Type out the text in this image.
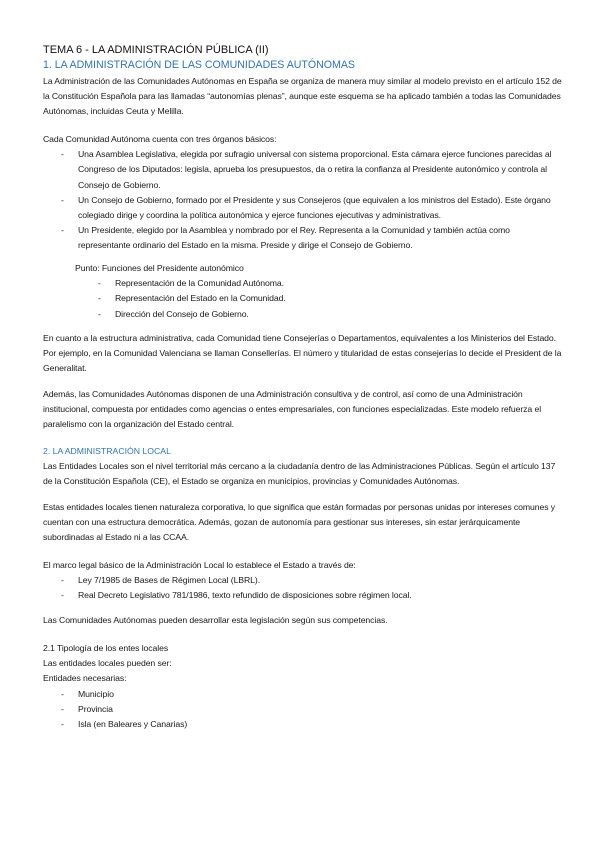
TEMA 6 - LA ADMINISTRACIÓN PÚBLICA (II)
1. LA ADMINISTRACIÓN DE LAS COMUNIDADES AUTÓNOMAS

La Administración de las Comunidades Autónomas en España se organiza de manera muy similar al modelo previsto en el artículo 152 de la Constitución Española para las llamadas “autonomías plenas”, aunque este esquema se ha aplicado también a todas las Comunidades Autónomas, incluidas Ceuta y Melilla.

Cada Comunidad Autónoma cuenta con tres órganos básicos:

- Una Asamblea Legislativa, elegida por sufragio universal con sistema proporcional. Esta cámara ejerce funciones parecidas al Congreso de los Diputados: legisla, aprueba los presupuestos, da o retira la confianza al Presidente autonómico y controla al Consejo de Gobierno.
- Un Consejo de Gobierno, formado por el Presidente y sus Consejeros (que equivalen a los ministros del Estado). Este órgano colegiado dirige y coordina la política autonómica y ejerce funciones ejecutivas y administrativas.
- Un Presidente, elegido por la Asamblea y nombrado por el Rey. Representa a la Comunidad y también actúa como representante ordinario del Estado en la misma. Preside y dirige el Consejo de Gobierno.

Punto: Funciones del Presidente autonómico

- Representación de la Comunidad Autónoma.
- Representación del Estado en la Comunidad.
- Dirección del Consejo de Gobierno.

En cuanto a la estructura administrativa, cada Comunidad tiene Consejerías o Departamentos, equivalentes a los Ministerios del Estado. Por ejemplo, en la Comunidad Valenciana se llaman Consellerías. El número y titularidad de estas consejerías lo decide el President de la Generalitat.

Además, las Comunidades Autónomas disponen de una Administración consultiva y de control, así como de una Administración institucional, compuesta por entidades como agencias o entes empresariales, con funciones especializadas. Este modelo refuerza el paralelismo con la organización del Estado central.

2. LA ADMINISTRACIÓN LOCAL

Las Entidades Locales son el nivel territorial más cercano a la ciudadanía dentro de las Administraciones Públicas. Según el artículo 137 de la Constitución Española (CE), el Estado se organiza en municipios, provincias y Comunidades Autónomas.

Estas entidades locales tienen naturaleza corporativa, lo que significa que están formadas por personas unidas por intereses comunes y cuentan con una estructura democrática. Además, gozan de autonomía para gestionar sus intereses, sin estar jerárquicamente subordinadas al Estado ni a las CCAA.

El marco legal básico de la Administración Local lo establece el Estado a través de:

- Ley 7/1985 de Bases de Régimen Local (LBRL).
- Real Decreto Legislativo 781/1986, texto refundido de disposiciones sobre régimen local.

Las Comunidades Autónomas pueden desarrollar esta legislación según sus competencias.

2.1 Tipología de los entes locales

Las entidades locales pueden ser:

Entidades necesarias:

- Municipio
- Provincia
- Isla (en Baleares y Canarias)
